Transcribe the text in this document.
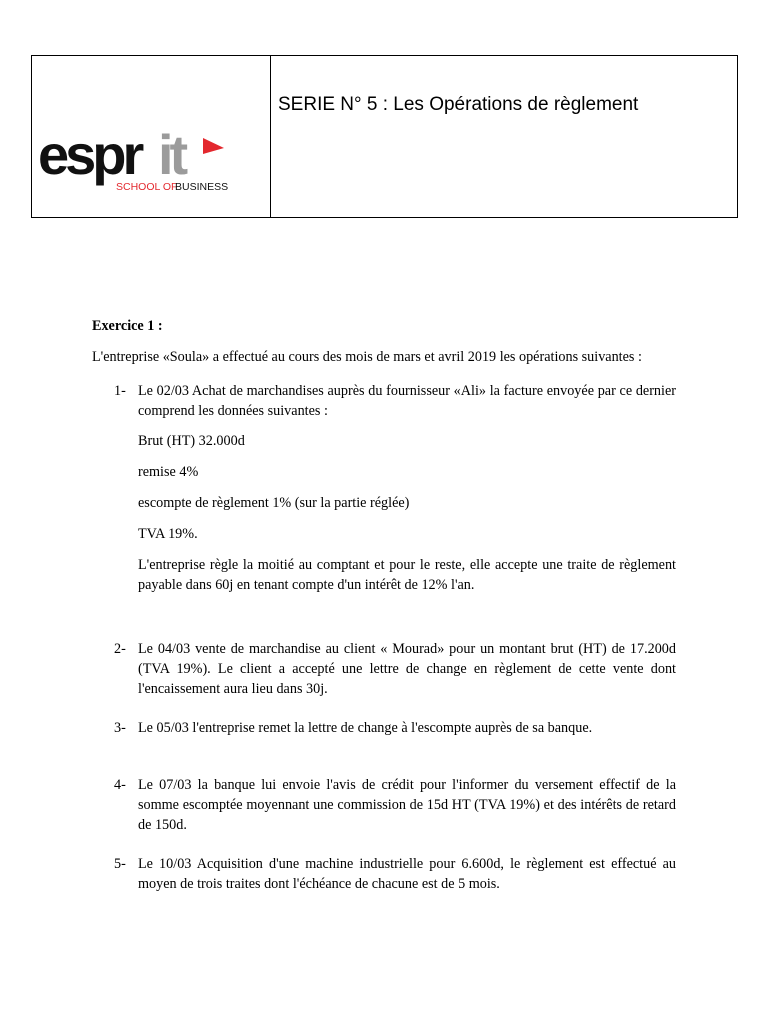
espr it
SCHOOL OF
BUSINESS
SERIE N° 5 : Les Opérations de règlement

Exercice 1 :

L'entreprise «Soula» a effectué au cours des mois de mars et avril 2019 les opérations suivantes :

1- Le 02/03 Achat de marchandises auprès du fournisseur «Ali» la facture envoyée par ce dernier comprend les données suivantes :

Brut (HT) 32.000d

remise 4%

escompte de règlement 1% (sur la partie réglée)

TVA 19%.

L'entreprise règle la moitié au comptant et pour le reste, elle accepte une traite de règlement payable dans 60j en tenant compte d'un intérêt de 12% l'an.

2- Le 04/03 vente de marchandise au client « Mourad» pour un montant brut (HT) de 17.200d (TVA 19%). Le client a accepté une lettre de change en règlement de cette vente dont l'encaissement aura lieu dans 30j.
3- Le 05/03 l'entreprise remet la lettre de change à l'escompte auprès de sa banque.
4- Le 07/03 la banque lui envoie l'avis de crédit pour l'informer du versement effectif de la somme escomptée moyennant une commission de 15d HT (TVA 19%) et des intérêts de retard de 150d.
5- Le 10/03 Acquisition d'une machine industrielle pour 6.600d, le règlement est effectué au moyen de trois traites dont l'échéance de chacune est de 5 mois.
